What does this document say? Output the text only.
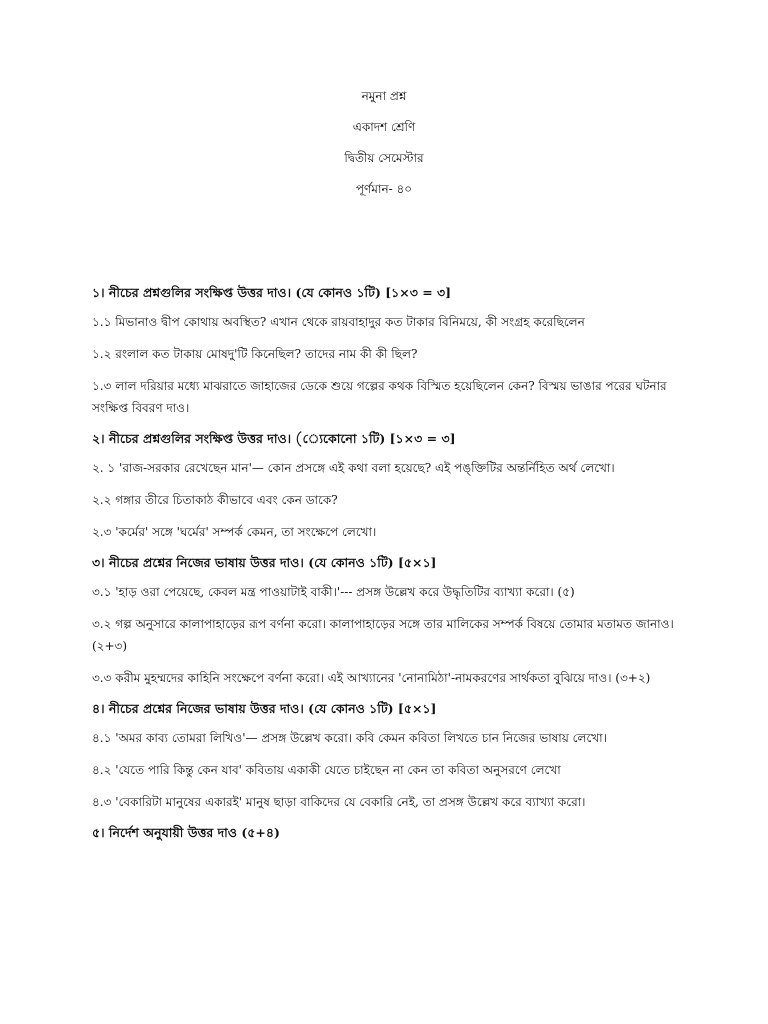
নমুনা প্রশ্ন
একাদশ শ্রেণি
দ্বিতীয় সেমেস্টার
পূর্ণমান- ৪০
১। নীচের প্রশ্নগুলির সংক্ষিপ্ত উত্তর দাও। (যে কোনও ১টি) [১×৩ = ৩]
১.১ মিভানাও দ্বীপ কোথায় অবস্থিত? এখান থেকে রায়বাহাদুর কত টাকার বিনিময়ে, কী সংগ্রহ করেছিলেন
১.২ রংলাল কত টাকায় মোষদু'টি কিনেছিল? তাদের নাম কী কী ছিল?
১.৩ লাল দরিয়ার মধ্যে মাঝরাতে জাহাজের ডেকে শুয়ে গল্পের কথক বিস্মিত হয়েছিলেন কেন? বিস্ময় ভাঙার পরের ঘটনার সংক্ষিপ্ত বিবরণ দাও।
২। নীচের প্রশ্নগুলির সংক্ষিপ্ত উত্তর দাও। (্যেকোনো ১টি) [১×৩ = ৩]
২. ১ 'রাজ-সরকার রেখেছেন মান'— কোন প্রসঙ্গে এই কথা বলা হয়েছে? এই পঙ্‌ক্তিটির অন্তর্নিহিত অর্থ লেখো।
২.২ গঙ্গার তীরে চিতাকাঠ কীভাবে এবং কেন ডাকে?
২.৩ 'কর্মের' সঙ্গে 'ঘর্মের' সম্পর্ক কেমন, তা সংক্ষেপে লেখো।
৩। নীচের প্রশ্নের নিজের ভাষায় উত্তর দাও। (যে কোনও ১টি) [৫×১]
৩.১ 'হাড় ওরা পেয়েছে, কেবল মন্ত্র পাওয়াটাই বাকী।'--- প্রসঙ্গ উল্লেখ করে উদ্ধৃতিটির ব্যাখ্যা করো। (৫)
৩.২ গল্প অনুসারে কালাপাহাড়ের রূপ বর্ণনা করো। কালাপাহাড়ের সঙ্গে তার মালিকের সম্পর্ক বিষয়ে তোমার মতামত জানাও। (২+৩)
৩.৩ করীম মুহম্মদের কাহিনি সংক্ষেপে বর্ণনা করো। এই আখ্যানের 'নোনামিঠা'-নামকরণের সার্থকতা বুঝিয়ে দাও। (৩+২)
৪। নীচের প্রশ্নের নিজের ভাষায় উত্তর দাও। (যে কোনও ১টি) [৫×১]
৪.১ 'অমর কাব্য তোমরা লিখিও'— প্রসঙ্গ উল্লেখ করো। কবি কেমন কবিতা লিখতে চান নিজের ভাষায় লেখো।
৪.২ 'যেতে পারি কিন্তু কেন যাব' কবিতায় একাকী যেতে চাইছেন না কেন তা কবিতা অনুসরণে লেখো
৪.৩ 'বেকারিটা মানুষের একারই' মানুষ ছাড়া বাকিদের যে বেকারি নেই, তা প্রসঙ্গ উল্লেখ করে ব্যাখ্যা করো।
৫। নির্দেশ অনুযায়ী উত্তর দাও (৫+৪)
